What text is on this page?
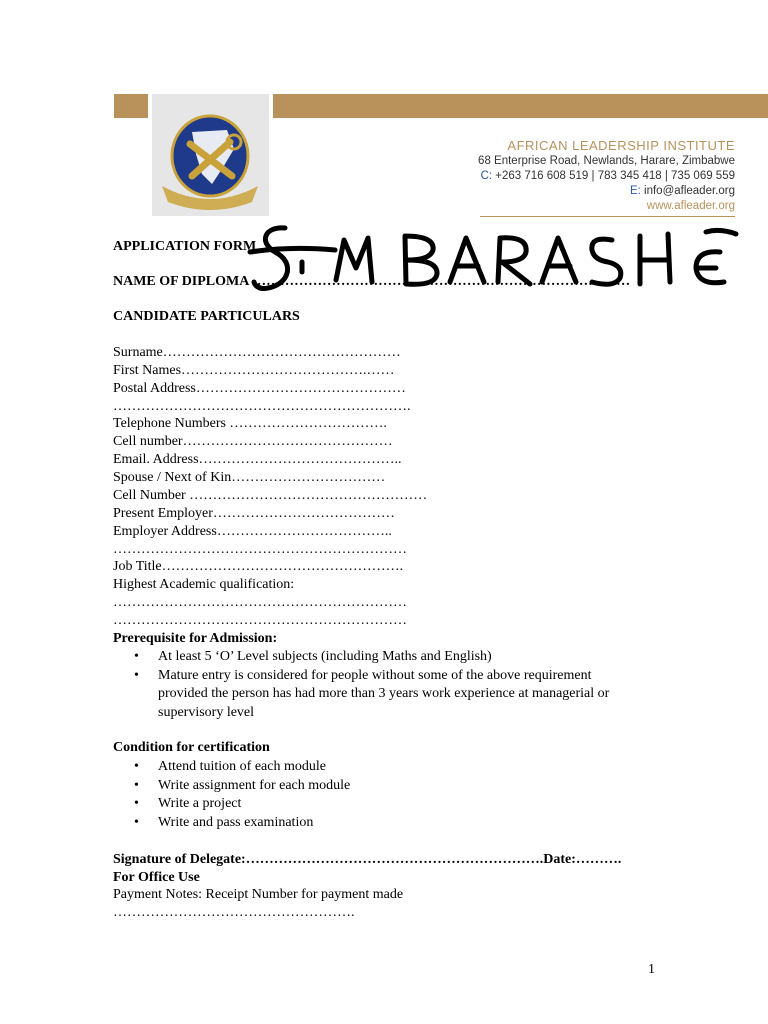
AFRICAN LEADERSHIP INSTITUTE
68 Enterprise Road, Newlands, Harare, Zimbabwe
C: +263 716 608 519 | 783 345 418 | 735 069 559
E: info@afleader.org
www.afleader.org
APPLICATION FORM
NAME OF DIPLOMA ………………………………………………………………………
CANDIDATE PARTICULARS
Surname……………………………………………
First Names………………………………….……
Postal Address………………………………………
……………………………………………………….
Telephone Numbers …………………………….
Cell number………………………………………
Email. Address……………………………………..
Spouse / Next of Kin……………………………
Cell Number ……………………………………………
Present Employer…………………………………
Employer Address………………………………..
………………………………………………………
Job Title…………………………………………….
Highest Academic qualification:
………………………………………………………
………………………………………………………
Prerequisite for Admission:
• At least 5 ‘O’ Level subjects (including Maths and English)
• Mature entry is considered for people without some of the above requirement
provided the person has had more than 3 years work experience at managerial or
supervisory level
Condition for certification
• Attend tuition of each module
• Write assignment for each module
• Write a project
• Write and pass examination
Signature of Delegate:……………………………………………………….Date:……….
For Office Use
Payment Notes: Receipt Number for payment made
…………………………………………….
1
